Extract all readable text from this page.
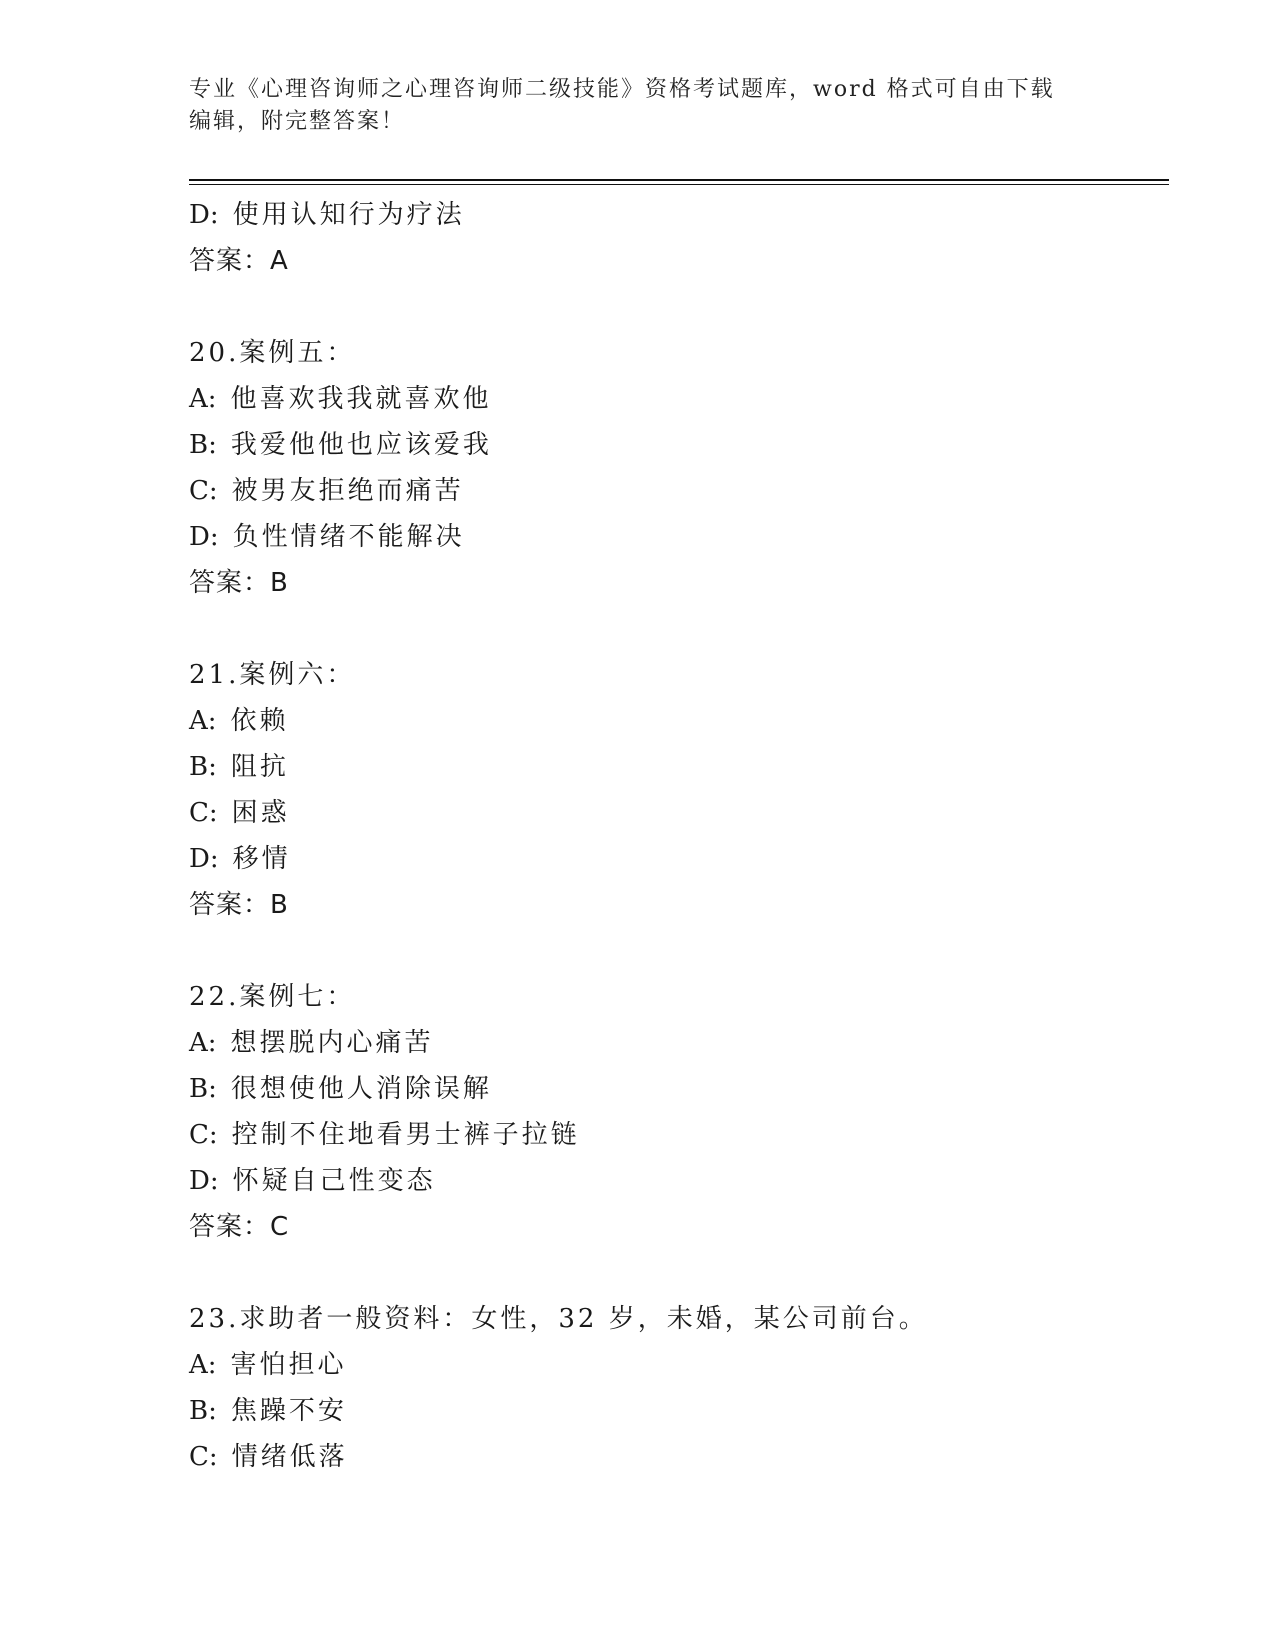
专业《心理咨询师之心理咨询师二级技能》资格考试题库，word 格式可自由下载
编辑，附完整答案！
D: 使用认知行为疗法
答案：A
20.案例五：
A: 他喜欢我我就喜欢他
B: 我爱他他也应该爱我
C: 被男友拒绝而痛苦
D: 负性情绪不能解决
答案：B
21.案例六：
A: 依赖
B: 阻抗
C: 困惑
D: 移情
答案：B
22.案例七：
A: 想摆脱内心痛苦
B: 很想使他人消除误解
C: 控制不住地看男士裤子拉链
D: 怀疑自己性变态
答案：C
23.求助者一般资料：女性，32 岁，未婚，某公司前台。
A: 害怕担心
B: 焦躁不安
C: 情绪低落
